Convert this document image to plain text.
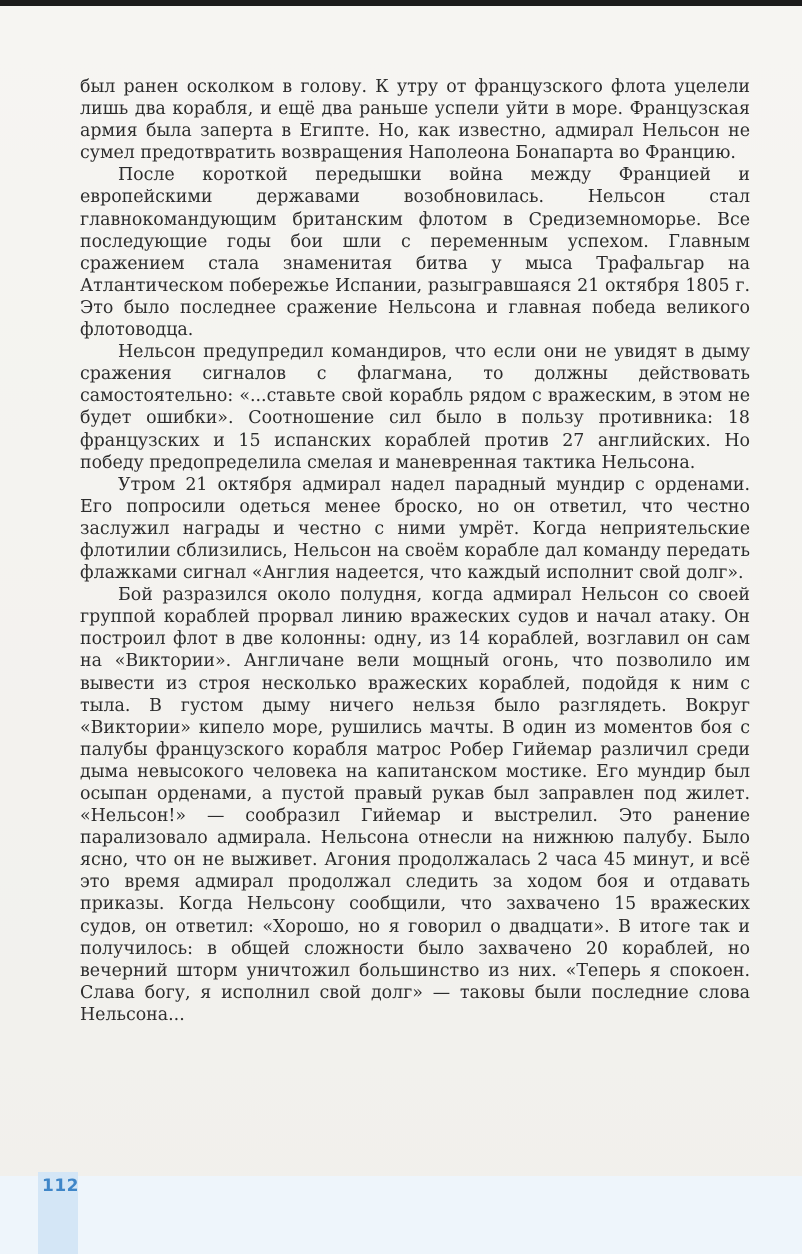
был ранен осколком в голову. К утру от французского флота уцелели лишь два корабля, и ещё два раньше успели уйти в море. Французская армия была заперта в Египте. Но, как известно, адмирал Нельсон не сумел предотвратить возвращения Наполеона Бонапарта во Францию.

После короткой передышки война между Францией и европейскими державами возобновилась. Нельсон стал главнокомандующим британским флотом в Средиземноморье. Все последующие годы бои шли с переменным успехом. Главным сражением стала знаменитая битва у мыса Трафальгар на Атлантическом побережье Испании, разыгравшаяся 21 октября 1805 г. Это было последнее сражение Нельсона и главная победа великого флотоводца.

Нельсон предупредил командиров, что если они не увидят в дыму сражения сигналов с флагмана, то должны действовать самостоятельно: «...ставьте свой корабль рядом с вражеским, в этом не будет ошибки». Соотношение сил было в пользу противника: 18 французских и 15 испанских кораблей против 27 английских. Но победу предопределила смелая и маневренная тактика Нельсона.

Утром 21 октября адмирал надел парадный мундир с орденами. Его попросили одеться менее броско, но он ответил, что честно заслужил награды и честно с ними умрёт. Когда неприятельские флотилии сблизились, Нельсон на своём корабле дал команду передать флажками сигнал «Англия надеется, что каждый исполнит свой долг».

Бой разразился около полудня, когда адмирал Нельсон со своей группой кораблей прорвал линию вражеских судов и начал атаку. Он построил флот в две колонны: одну, из 14 кораблей, возглавил он сам на «Виктории». Англичане вели мощный огонь, что позволило им вывести из строя несколько вражеских кораблей, подойдя к ним с тыла. В густом дыму ничего нельзя было разглядеть. Вокруг «Виктории» кипело море, рушились мачты. В один из моментов боя с палубы французского корабля матрос Робер Гийемар различил среди дыма невысокого человека на капитанском мостике. Его мундир был осыпан орденами, а пустой правый рукав был заправлен под жилет. «Нельсон!» — сообразил Гийемар и выстрелил. Это ранение парализовало адмирала. Нельсона отнесли на нижнюю палубу. Было ясно, что он не выживет. Агония продолжалась 2 часа 45 минут, и всё это время адмирал продолжал следить за ходом боя и отдавать приказы. Когда Нельсону сообщили, что захвачено 15 вражеских судов, он ответил: «Хорошо, но я говорил о двадцати». В итоге так и получилось: в общей сложности было захвачено 20 кораблей, но вечерний шторм уничтожил большинство из них. «Теперь я спокоен. Слава богу, я исполнил свой долг» — таковы были последние слова Нельсона...

112
